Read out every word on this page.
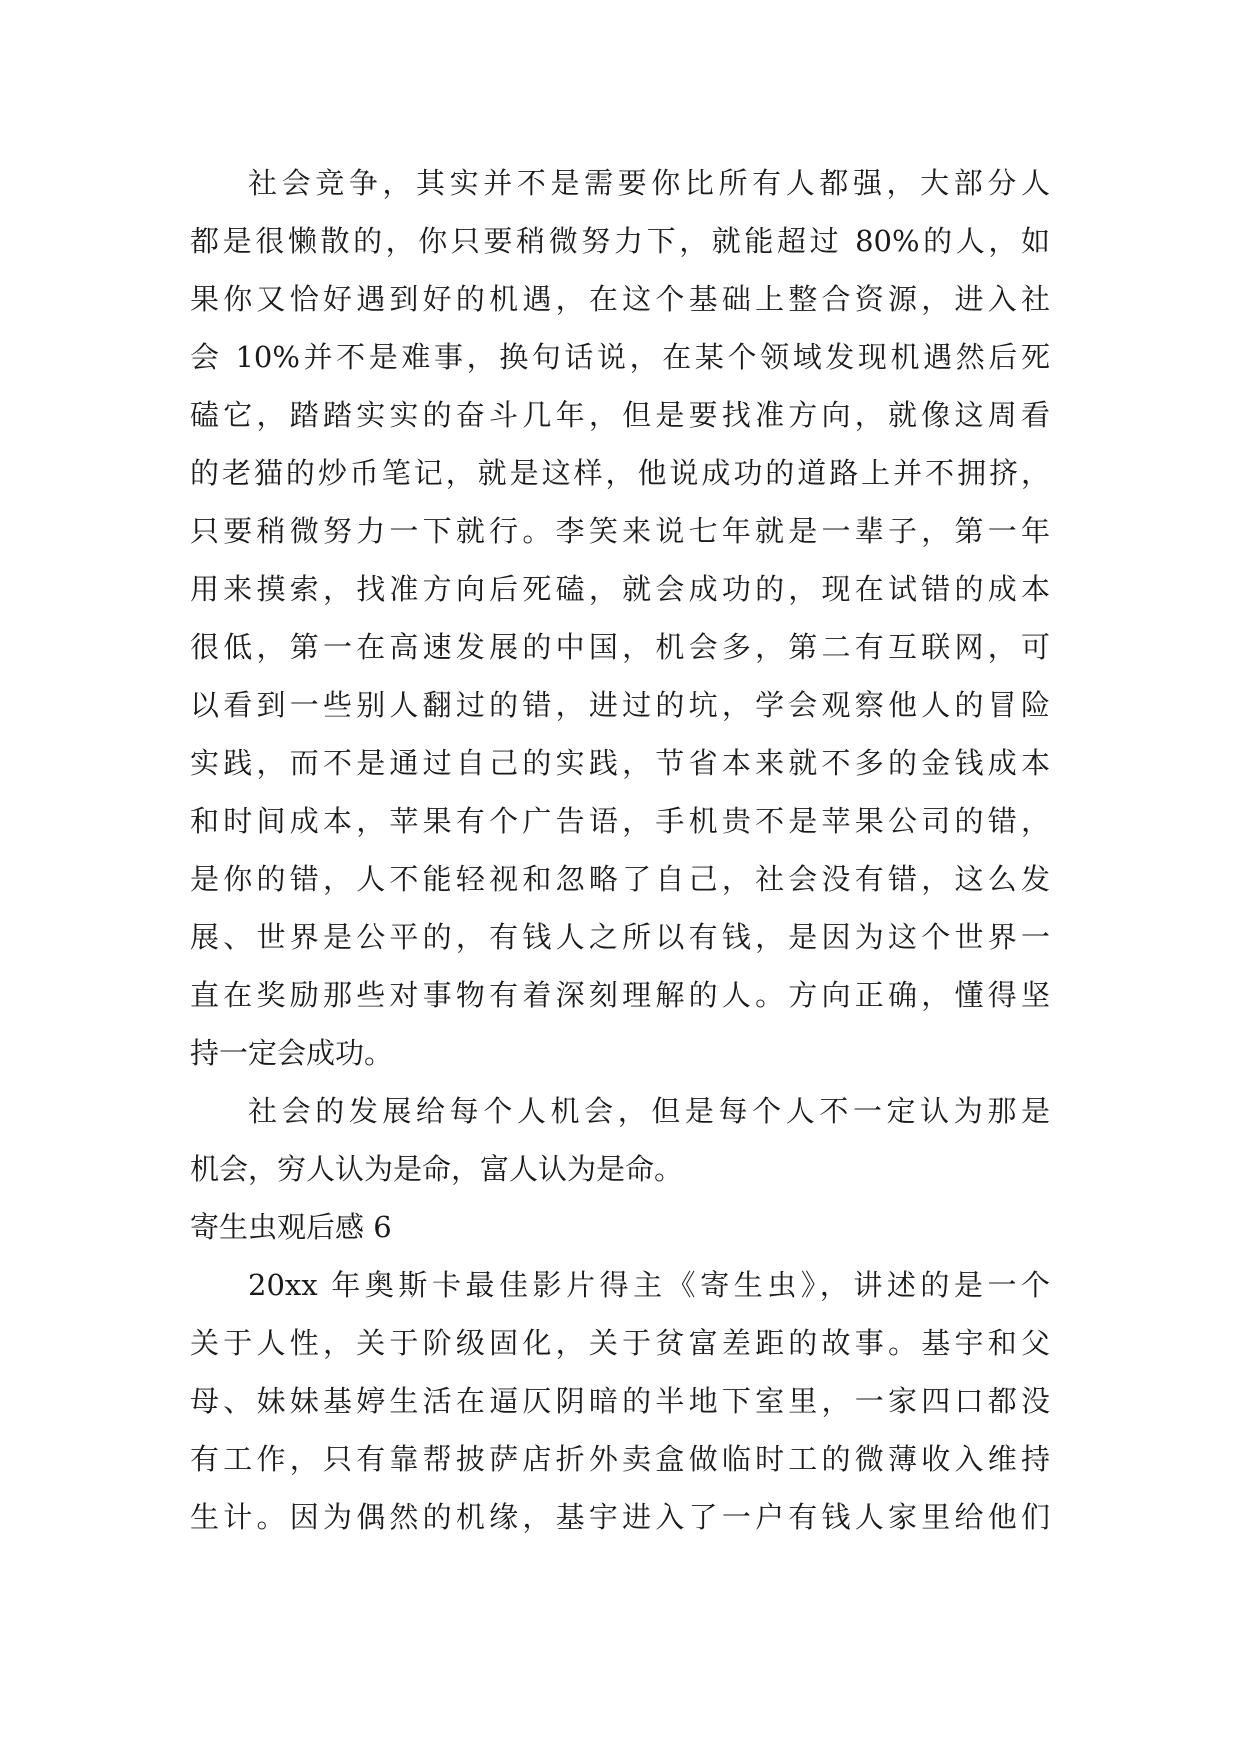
社会竞争，其实并不是需要你比所有人都强，大部分人
都是很懒散的，你只要稍微努力下，就能超过 80%的人，如
果你又恰好遇到好的机遇，在这个基础上整合资源，进入社
会 10%并不是难事，换句话说，在某个领域发现机遇然后死
磕它，踏踏实实的奋斗几年，但是要找准方向，就像这周看
的老猫的炒币笔记，就是这样，他说成功的道路上并不拥挤，
只要稍微努力一下就行。李笑来说七年就是一辈子，第一年
用来摸索，找准方向后死磕，就会成功的，现在试错的成本
很低，第一在高速发展的中国，机会多，第二有互联网，可
以看到一些别人翻过的错，进过的坑，学会观察他人的冒险
实践，而不是通过自己的实践，节省本来就不多的金钱成本
和时间成本，苹果有个广告语，手机贵不是苹果公司的错，
是你的错，人不能轻视和忽略了自己，社会没有错，这么发
展、世界是公平的，有钱人之所以有钱，是因为这个世界一
直在奖励那些对事物有着深刻理解的人。方向正确，懂得坚
持一定会成功。
社会的发展给每个人机会，但是每个人不一定认为那是
机会，穷人认为是命，富人认为是命。
寄生虫观后感 6
20xx 年奥斯卡最佳影片得主《寄生虫》，讲述的是一个
关于人性，关于阶级固化，关于贫富差距的故事。基宇和父
母、妹妹基婷生活在逼仄阴暗的半地下室里，一家四口都没
有工作，只有靠帮披萨店折外卖盒做临时工的微薄收入维持
生计。因为偶然的机缘，基宇进入了一户有钱人家里给他们
